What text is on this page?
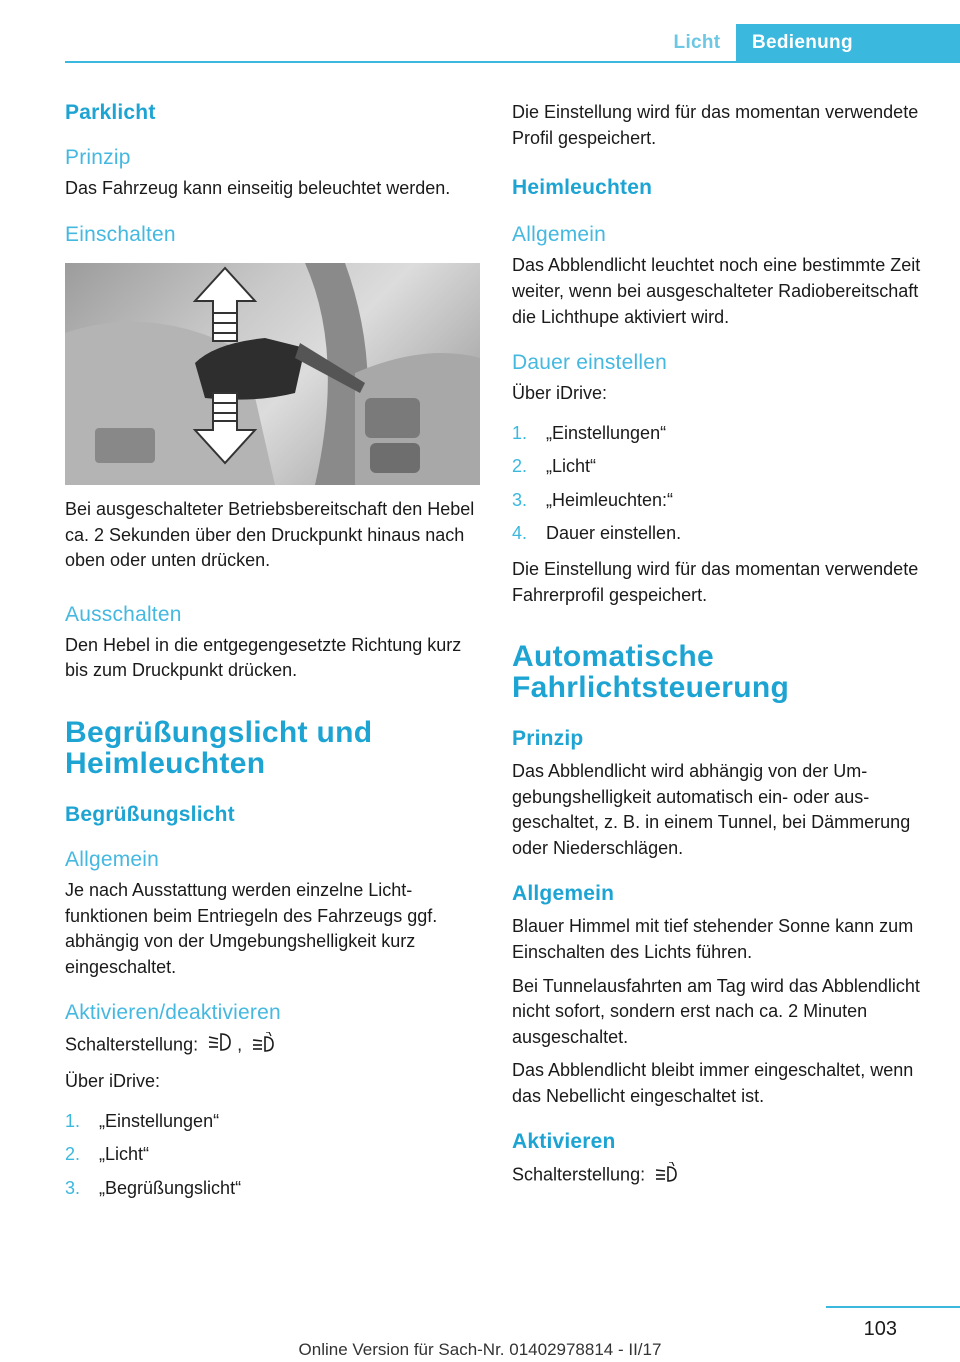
Licht	Bedienung
Parklicht
Prinzip

Das Fahrzeug kann einseitig beleuchtet werden.

Einschalten

Bei ausgeschalteter Betriebsbereitschaft den Hebel ca. 2 Sekunden über den Druckpunkt hinaus nach oben oder unten drücken.

Ausschalten

Den Hebel in die entgegengesetzte Richtung kurz bis zum Druckpunkt drücken.

Begrüßungslicht und Heimleuchten
Begrüßungslicht
Allgemein

Je nach Ausstattung werden einzelne Lichtfunktionen beim Entriegeln des Fahrzeugs ggf. abhängig von der Umgebungshelligkeit kurz eingeschaltet.

Aktivieren/deaktivieren

Schalterstellung: ,

Über iDrive:

1.	„Einstellungen“
2.	„Licht“
3.	„Begrüßungslicht“

Die Einstellung wird für das momentan verwendete Profil gespeichert.

Heimleuchten
Allgemein

Das Abblendlicht leuchtet noch eine bestimmte Zeit weiter, wenn bei ausgeschalteter Radiobereitschaft die Lichthupe aktiviert wird.

Dauer einstellen

Über iDrive:

1.	„Einstellungen“
2.	„Licht“
3.	„Heimleuchten:“
4.	Dauer einstellen.

Die Einstellung wird für das momentan verwendete Fahrerprofil gespeichert.

Automatische Fahrlichtsteuerung
Prinzip

Das Abblendlicht wird abhängig von der Umgebungshelligkeit automatisch ein- oder ausgeschaltet, z. B. in einem Tunnel, bei Dämmerung oder Niederschlägen.

Allgemein

Blauer Himmel mit tief stehender Sonne kann zum Einschalten des Lichts führen.

Bei Tunnelausfahrten am Tag wird das Abblendlicht nicht sofort, sondern erst nach ca. 2 Minuten ausgeschaltet.

Das Abblendlicht bleibt immer eingeschaltet, wenn das Nebellicht eingeschaltet ist.

Aktivieren

Schalterstellung:

103
Online Version für Sach-Nr. 01402978814 - II/17
